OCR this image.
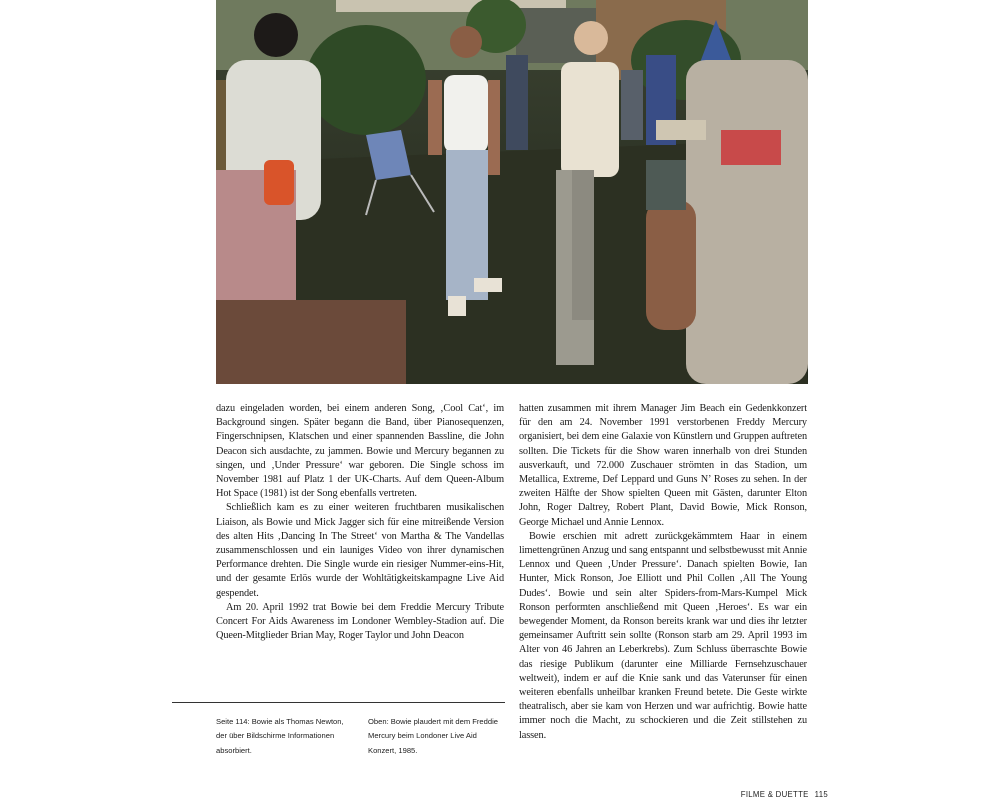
dazu eingeladen worden, bei einem anderen Song, ‚Cool Cat‘, im Background singen. Später begann die Band, über Pianosequenzen, Fingerschnipsen, Klatschen und einer spannenden Bassline, die John Deacon sich ausdachte, zu jammen. Bowie und Mercury begannen zu singen, und ‚Under Pressure‘ war geboren. Die Single schoss im November 1981 auf Platz 1 der UK-Charts. Auf dem Queen-Album Hot Space (1981) ist der Song ebenfalls vertreten.

Schließlich kam es zu einer weiteren fruchtbaren musikalischen Liaison, als Bowie und Mick Jagger sich für eine mitreißende Version des alten Hits ‚Dancing In The Street‘ von Martha & The Vandellas zusammenschlossen und ein launiges Video von ihrer dynamischen Performance drehten. Die Single wurde ein riesiger Nummer-eins-Hit, und der gesamte Erlös wurde der Wohltätigkeitskampagne Live Aid gespendet.

Am 20. April 1992 trat Bowie bei dem Freddie Mercury Tribute Concert For Aids Awareness im Londoner Wembley-Stadion auf. Die Queen-Mitglieder Brian May, Roger Taylor und John Deacon

hatten zusammen mit ihrem Manager Jim Beach ein Gedenkkonzert für den am 24. November 1991 verstorbenen Freddy Mercury organisiert, bei dem eine Galaxie von Künstlern und Gruppen auftreten sollten. Die Tickets für die Show waren innerhalb von drei Stunden ausverkauft, und 72.000 Zuschauer strömten in das Stadion, um Metallica, Extreme, Def Leppard und Guns N’ Roses zu sehen. In der zweiten Hälfte der Show spielten Queen mit Gästen, darunter Elton John, Roger Daltrey, Robert Plant, David Bowie, Mick Ronson, George Michael und Annie Lennox.

Bowie erschien mit adrett zurückgekämmtem Haar in einem limettengrünen Anzug und sang entspannt und selbstbewusst mit Annie Lennox und Queen ‚Under Pressure‘. Danach spielten Bowie, Ian Hunter, Mick Ronson, Joe Elliott und Phil Collen ‚All The Young Dudes‘. Bowie und sein alter Spiders-from-Mars-Kumpel Mick Ronson performten anschließend mit Queen ‚Heroes‘. Es war ein bewegender Moment, da Ronson bereits krank war und dies ihr letzter gemeinsamer Auftritt sein sollte (Ronson starb am 29. April 1993 im Alter von 46 Jahren an Leberkrebs). Zum Schluss überraschte Bowie das riesige Publikum (darunter eine Milliarde Fernsehzuschauer weltweit), indem er auf die Knie sank und das Vaterunser für einen weiteren ebenfalls unheilbar kranken Freund betete. Die Geste wirkte theatralisch, aber sie kam von Herzen und war aufrichtig. Bowie hatte immer noch die Macht, zu schockieren und die Zeit stillstehen zu lassen.

Seite 114: Bowie als Thomas Newton, der über Bildschirme Informationen absorbiert.
Oben: Bowie plaudert mit dem Freddie Mercury beim Londoner Live Aid Konzert, 1985.
FILME & DUETTE 115
